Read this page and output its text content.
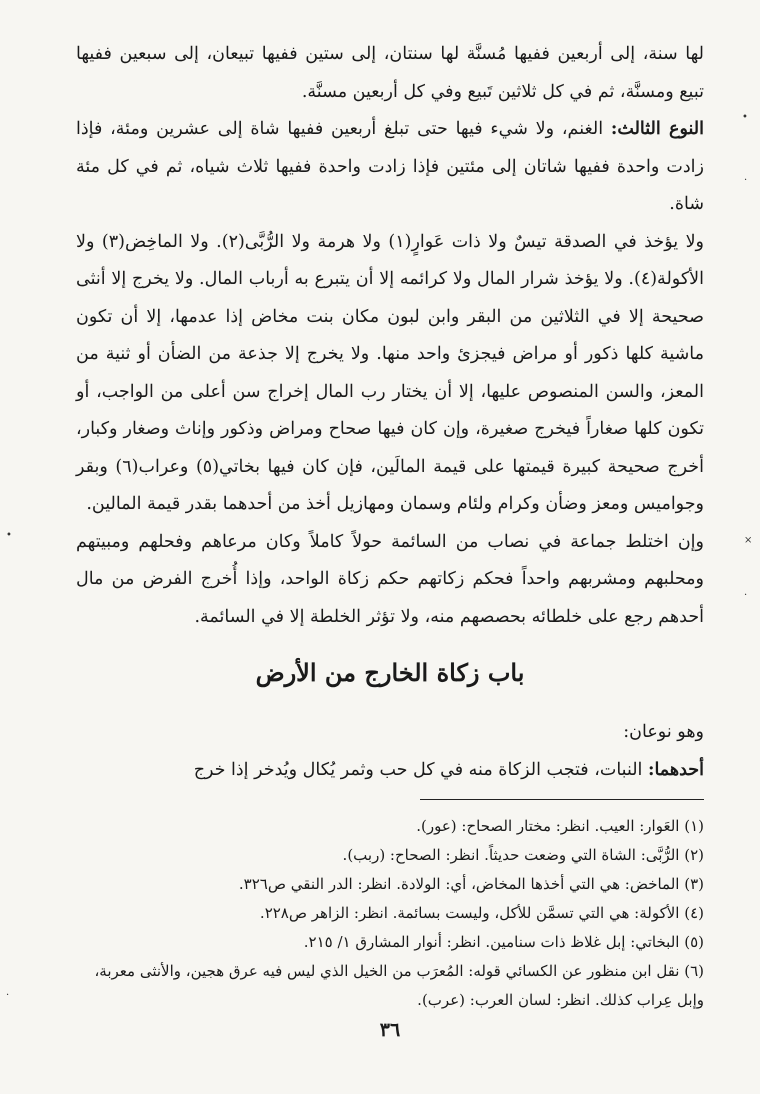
لها سنة، إلى أربعين ففيها مُسنَّة لها سنتان، إلى ستين ففيها تبيعان، إلى سبعين ففيها تبيع ومسنَّة، ثم في كل ثلاثين تَبيع وفي كل أربعين مسنَّة.

النوع الثالث: الغنم، ولا شيء فيها حتى تبلغ أربعين ففيها شاة إلى عشرين ومئة، فإذا زادت واحدة ففيها شاتان إلى مئتين فإذا زادت واحدة ففيها ثلاث شياه، ثم في كل مئة شاة.

ولا يؤخذ في الصدقة تيسٌ ولا ذات عَوارٍ(١) ولا هرمة ولا الرُّبَّى(٢). ولا الماخِض(٣) ولا الأكولة(٤). ولا يؤخذ شرار المال ولا كرائمه إلا أن يتبرع به أرباب المال. ولا يخرج إلا أنثى صحيحة إلا في الثلاثين من البقر وابن لبون مكان بنت مخاض إذا عدمها، إلا أن تكون ماشية كلها ذكور أو مراض فيجزئ واحد منها. ولا يخرج إلا جذعة من الضأن أو ثنية من المعز، والسن المنصوص عليها، إلا أن يختار رب المال إخراج سن أعلى من الواجب، أو تكون كلها صغاراً فيخرج صغيرة، وإن كان فيها صحاح ومراض وذكور وإناث وصغار وكبار، أخرج صحيحة كبيرة قيمتها على قيمة المالَين، فإن كان فيها بخاتي(٥) وعراب(٦) وبقر وجواميس ومعز وضأن وكرام ولئام وسمان ومهازيل أخذ من أحدهما بقدر قيمة المالين.

وإن اختلط جماعة في نصاب من السائمة حولاً كاملاً وكان مرعاهم وفحلهم ومبيتهم ومحلبهم ومشربهم واحداً فحكم زكاتهم حكم زكاة الواحد، وإذا أُخرج الفرض من مال أحدهم رجع على خلطائه بحصصهم منه، ولا تؤثر الخلطة إلا في السائمة.

باب زكاة الخارج من الأرض

وهو نوعان:

أحدهما: النبات، فتجب الزكاة منه في كل حب وثمر يُكال ويُدخر إذا خرج

(١) العَوار: العيب. انظر: مختار الصحاح: (عور).

(٢) الرُّبَّى: الشاة التي وضعت حديثاً. انظر: الصحاح: (ربب).

(٣) الماخض: هي التي أخذها المخاض، أي: الولادة. انظر: الدر النقي ص٣٢٦.

(٤) الأكولة: هي التي تسمَّن للأكل، وليست بسائمة. انظر: الزاهر ص٢٢٨.

(٥) البخاتي: إبل غلاظ ذات سنامين. انظر: أنوار المشارق ١/ ٢١٥.

(٦) نقل ابن منظور عن الكسائي قوله: المُعرَب من الخيل الذي ليس فيه عرق هجين، والأنثى معربة، وإبل عِراب كذلك. انظر: لسان العرب: (عرب).

٣٦
•
·
×
·
•
·
